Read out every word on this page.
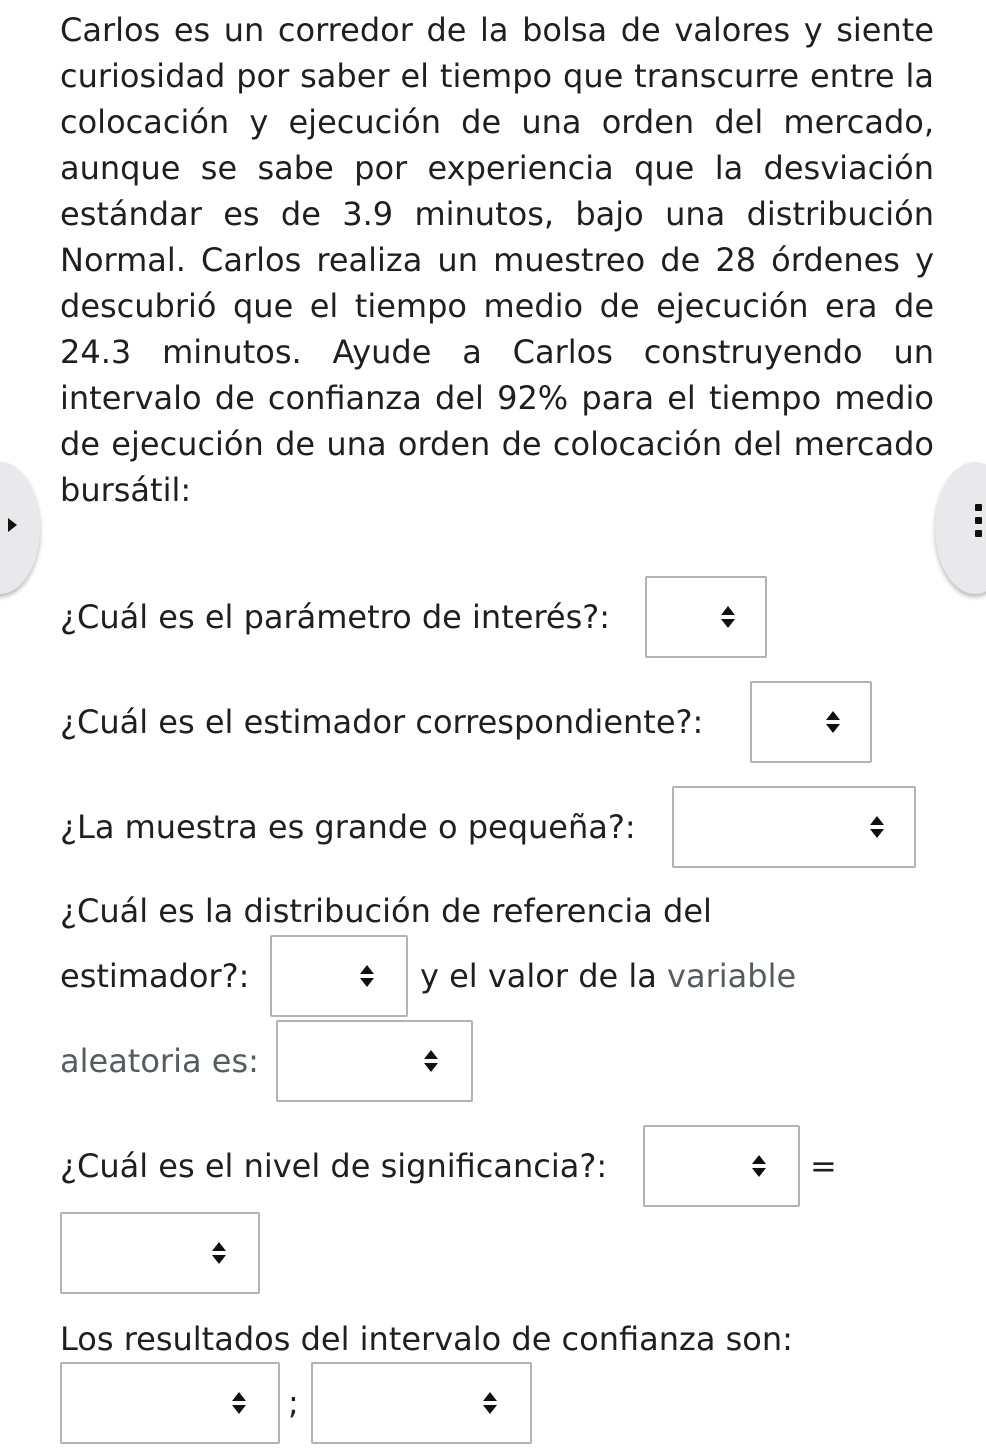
Carlos es un corredor de la bolsa de valores y siente curiosidad por saber el tiempo que transcurre entre la colocación y ejecución de una orden del mercado, aunque se sabe por experiencia que la desviación estándar es de 3.9 minutos, bajo una distribución Normal. Carlos realiza un muestreo de 28 órdenes y descubrió que el tiempo medio de ejecución era de 24.3 minutos. Ayude a Carlos construyendo un intervalo de confianza del 92% para el tiempo medio de ejecución de una orden de colocación del mercado bursátil:
¿Cuál es el parámetro de interés?:
¿Cuál es el estimador correspondiente?:
¿La muestra es grande o pequeña?:
¿Cuál es la distribución de referencia del
estimador?:	y el valor de la variable
aleatoria es:
¿Cuál es el nivel de significancia?:	=
Los resultados del intervalo de confianza son:
;
